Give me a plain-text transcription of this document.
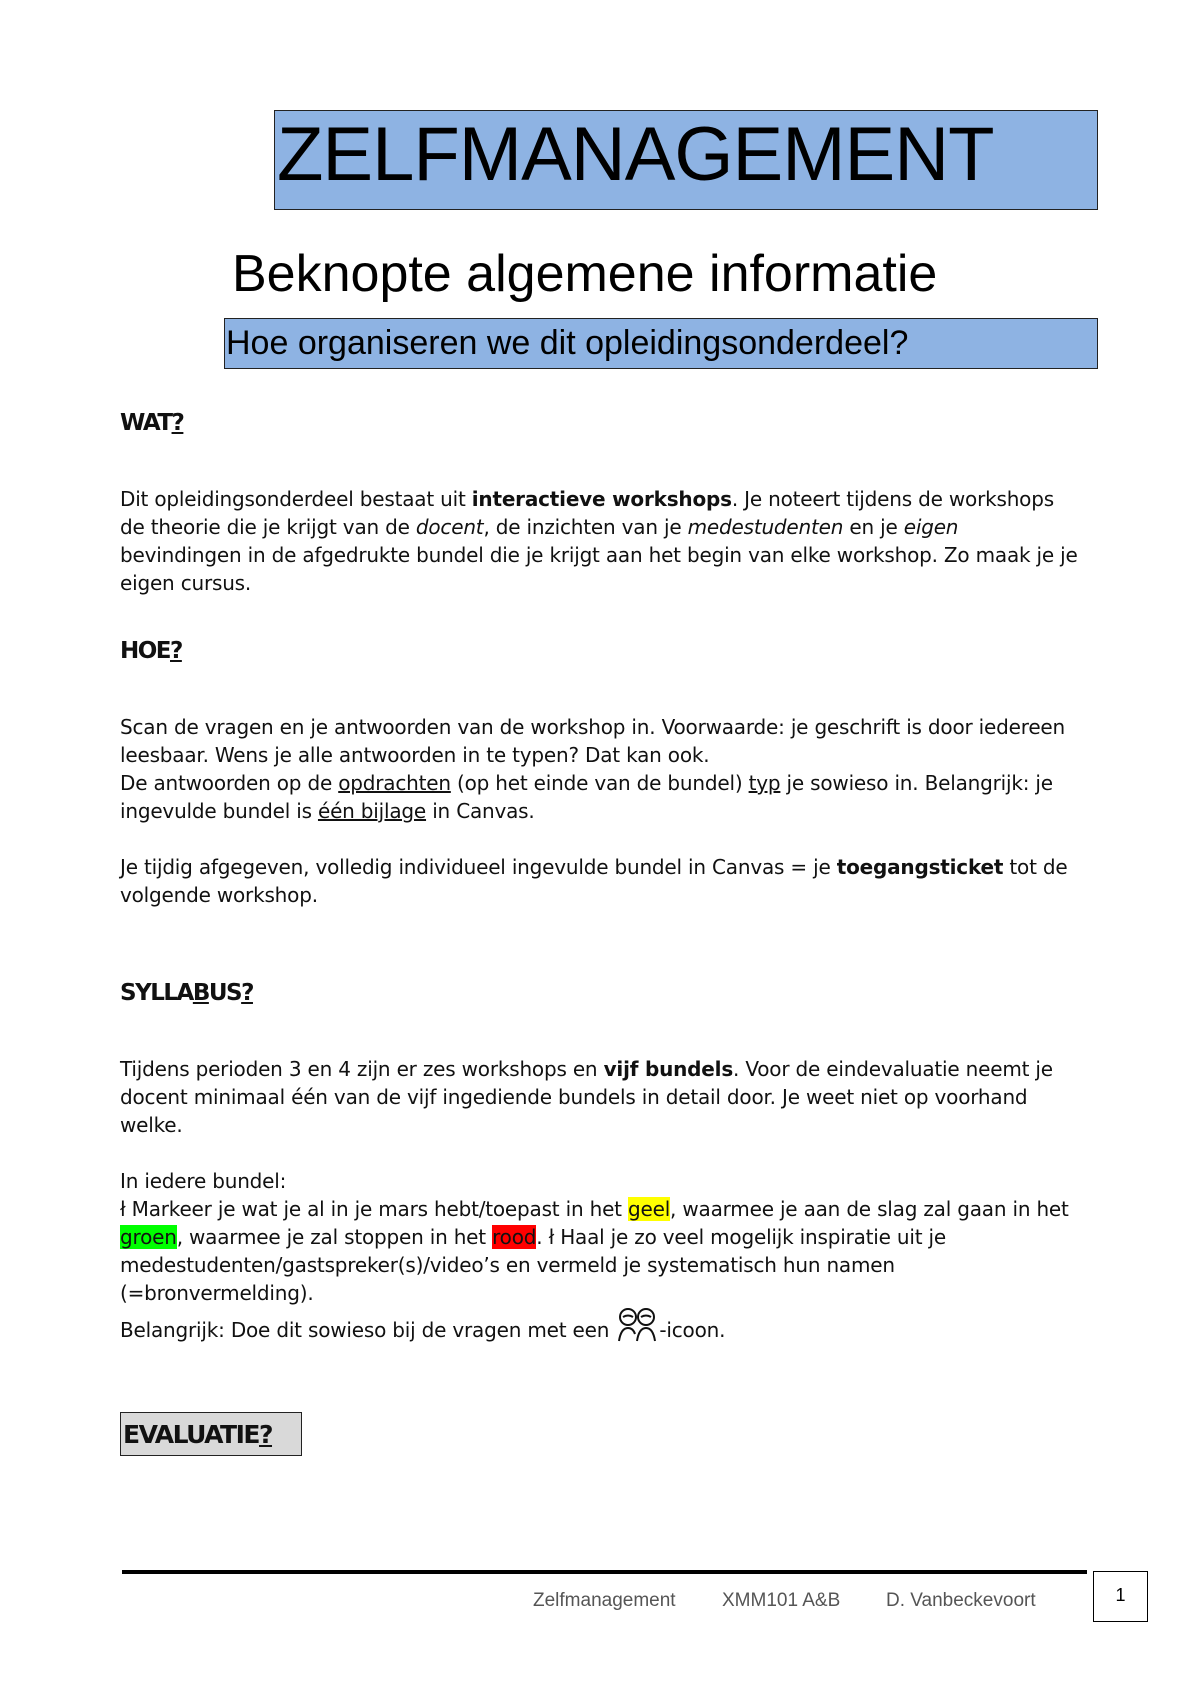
ZELFMANAGEMENT
Beknopte algemene informatie
Hoe organiseren we dit opleidingsonderdeel?
WAT?

Dit opleidingsonderdeel bestaat uit interactieve workshops. Je noteert tijdens de workshops de theorie die je krijgt van de docent, de inzichten van je medestudenten en je eigen bevindingen in de afgedrukte bundel die je krijgt aan het begin van elke workshop. Zo maak je je eigen cursus.

HOE?

Scan de vragen en je antwoorden van de workshop in. Voorwaarde: je geschrift is door iedereen leesbaar. Wens je alle antwoorden in te typen? Dat kan ook.

De antwoorden op de opdrachten (op het einde van de bundel) typ je sowieso in. Belangrijk: je ingevulde bundel is één bijlage in Canvas.

Je tijdig afgegeven, volledig individueel ingevulde bundel in Canvas = je toegangsticket tot de volgende workshop.

SYLLABUS?

Tijdens perioden 3 en 4 zijn er zes workshops en vijf bundels. Voor de eindevaluatie neemt je docent minimaal één van de vijf ingediende bundels in detail door. Je weet niet op voorhand welke.

In iedere bundel:

ł Markeer je wat je al in je mars hebt/toepast in het geel, waarmee je aan de slag zal gaan in het groen, waarmee je zal stoppen in het rood. ł Haal je zo veel mogelijk inspiratie uit je medestudenten/gastspreker(s)/video’s en vermeld je systematisch hun namen (=bronvermelding).

Belangrijk: Doe dit sowieso bij de vragen met een -icoon.

EVALUATIE?
Zelfmanagement XMM101 A&B D. Vanbeckevoort	1
